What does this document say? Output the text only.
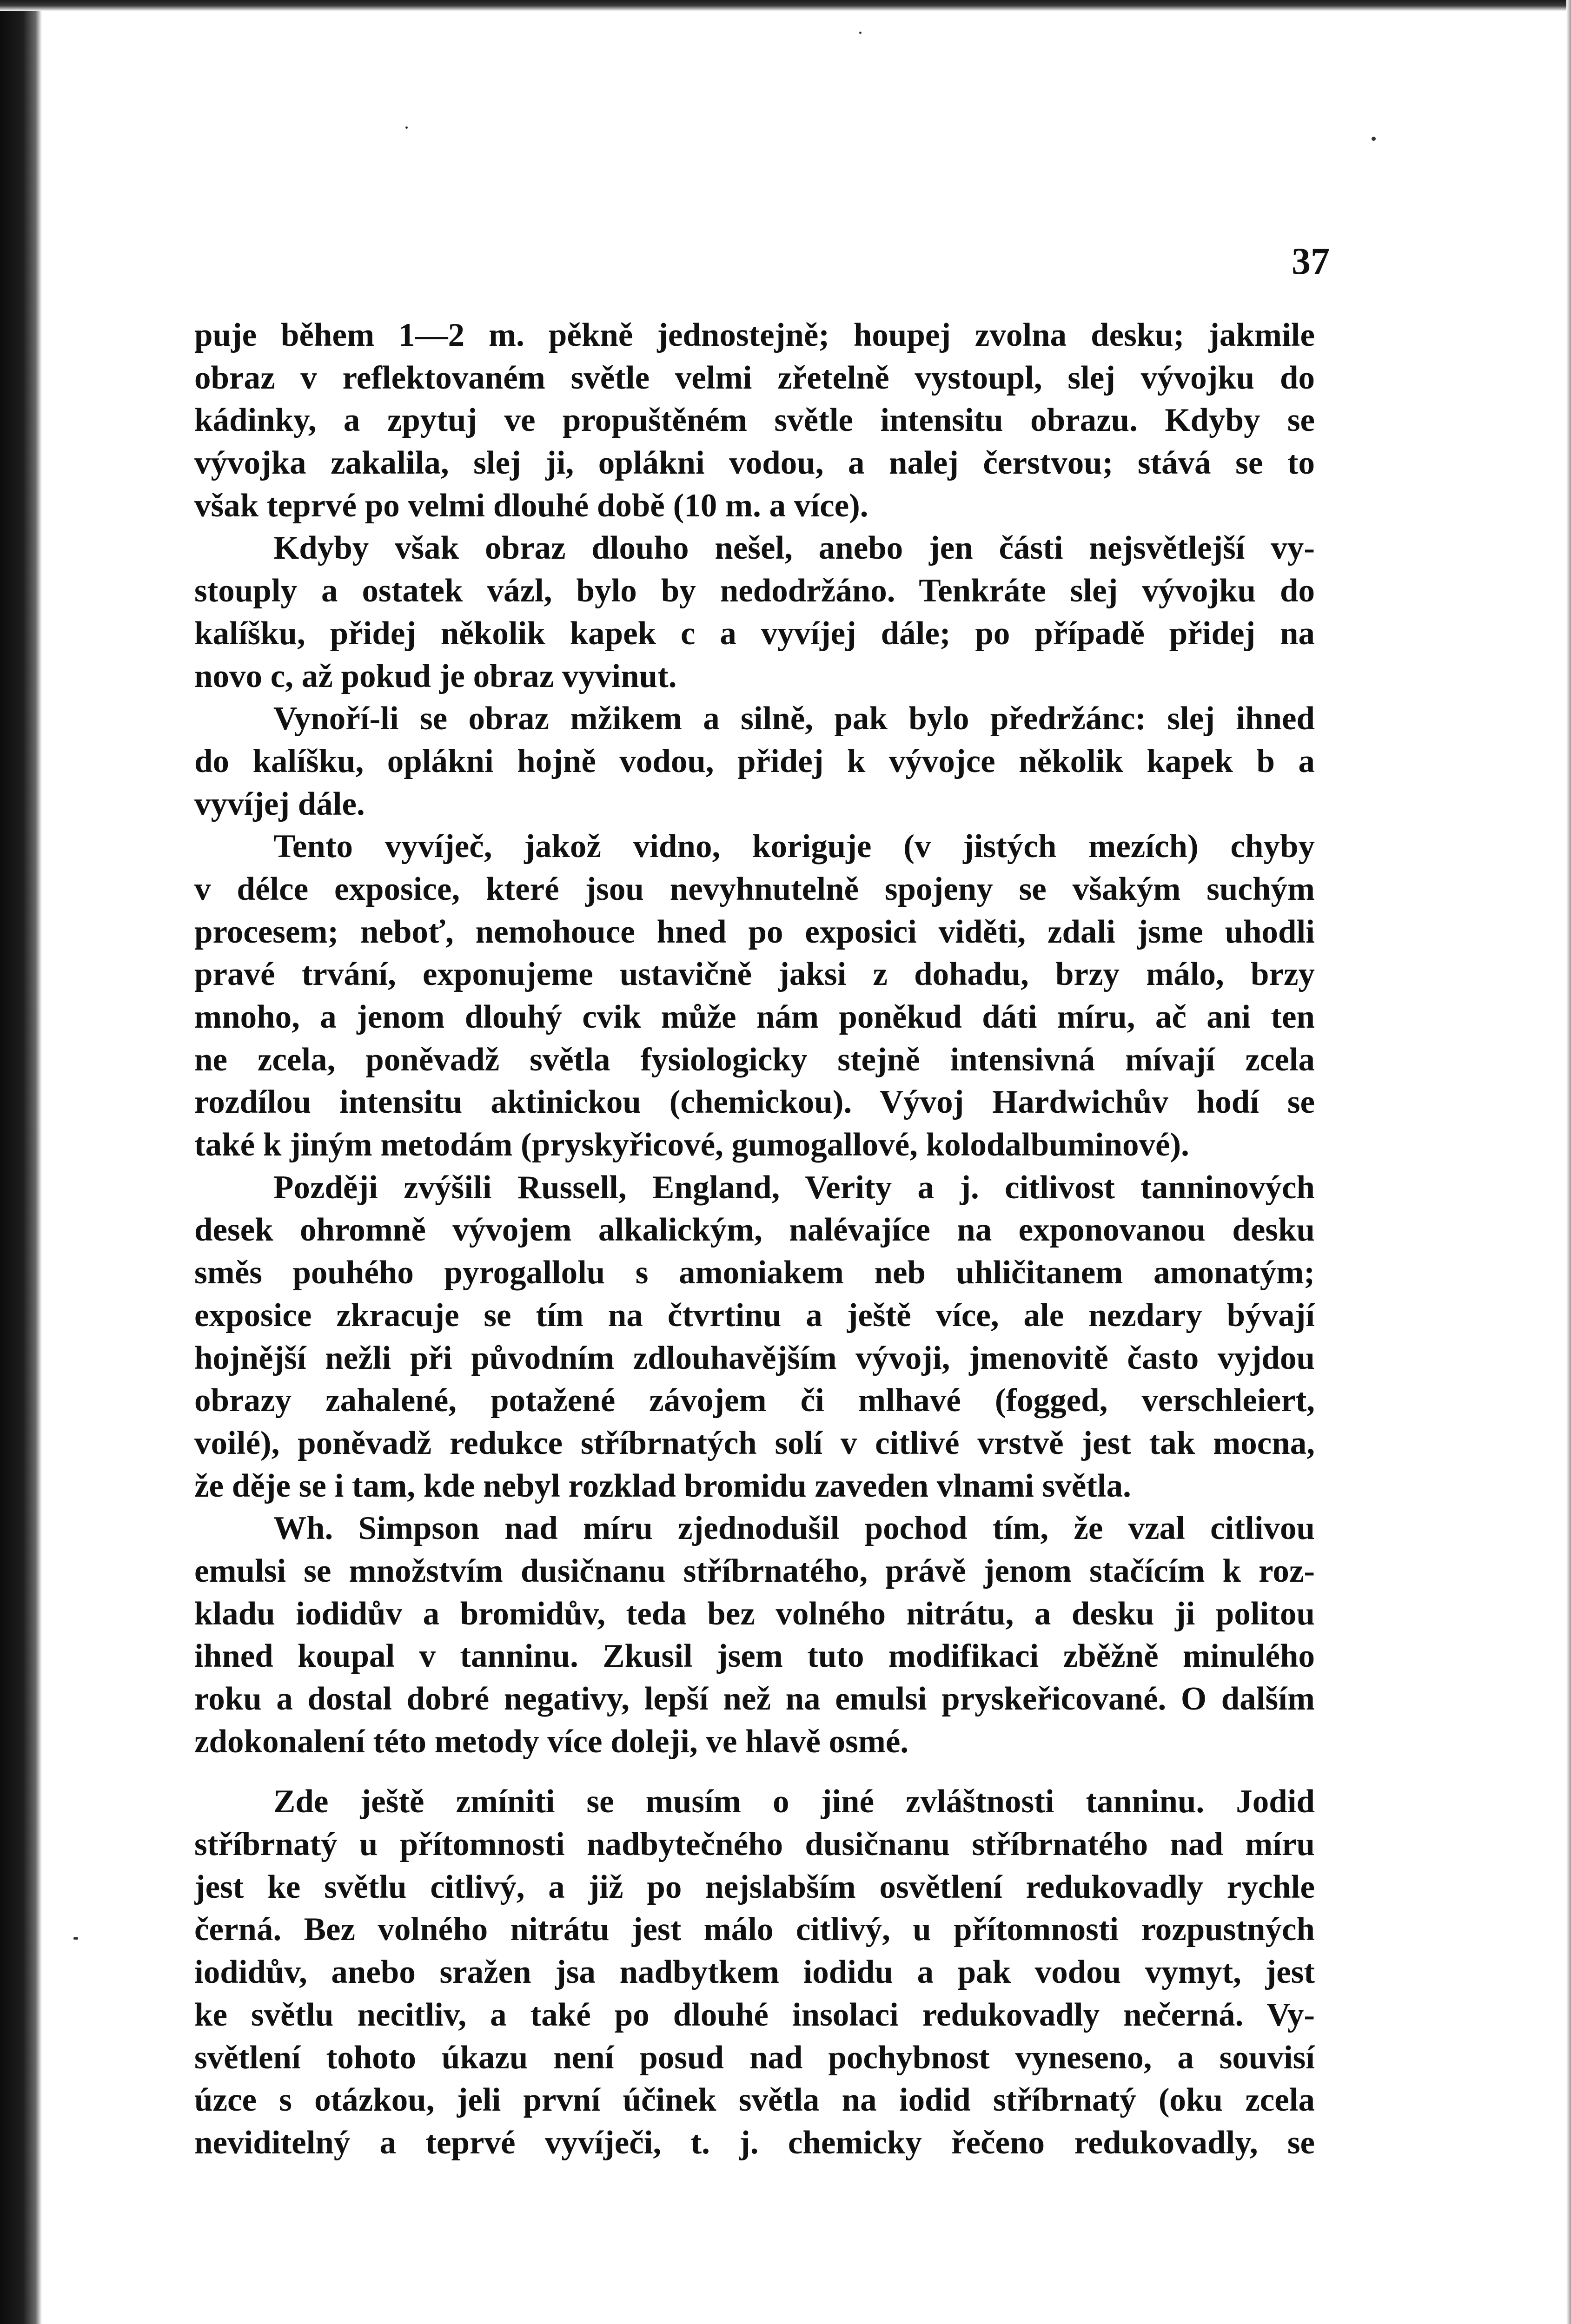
37
puje během 1—2 m. pěkně jednostejně; houpej zvolna desku; jakmile
obraz v reflektovaném světle velmi zřetelně vystoupl, slej vývojku do
kádinky, a zpytuj ve propuštěném světle intensitu obrazu. Kdyby se
vývojka zakalila, slej ji, oplákni vodou, a nalej čerstvou; stává se to
však teprvé po velmi dlouhé době (10 m. a více).
Kdyby však obraz dlouho nešel, anebo jen části nejsvětlejší vy-
stouply a ostatek vázl, bylo by nedodržáno. Tenkráte slej vývojku do
kalíšku, přidej několik kapek c a vyvíjej dále; po případě přidej na
novo c, až pokud je obraz vyvinut.
Vynoří-li se obraz mžikem a silně, pak bylo předržánc: slej ihned
do kalíšku, oplákni hojně vodou, přidej k vývojce několik kapek b a
vyvíjej dále.
Tento vyvíječ, jakož vidno, koriguje (v jistých mezích) chyby
v délce exposice, které jsou nevyhnutelně spojeny se všakým suchým
procesem; neboť, nemohouce hned po exposici viděti, zdali jsme uhodli
pravé trvání, exponujeme ustavičně jaksi z dohadu, brzy málo, brzy
mnoho, a jenom dlouhý cvik může nám poněkud dáti míru, ač ani ten
ne zcela, poněvadž světla fysiologicky stejně intensivná mívají zcela
rozdílou intensitu aktinickou (chemickou). Vývoj Hardwichův hodí se
také k jiným metodám (pryskyřicové, gumogallové, kolodalbuminové).
Později zvýšili Russell, England, Verity a j. citlivost tanninových
desek ohromně vývojem alkalickým, nalévajíce na exponovanou desku
směs pouhého pyrogallolu s amoniakem neb uhličitanem amonatým;
exposice zkracuje se tím na čtvrtinu a ještě více, ale nezdary bývají
hojnější nežli při původním zdlouhavějším vývoji, jmenovitě často vyjdou
obrazy zahalené, potažené závojem či mlhavé (fogged, verschleiert,
voilé), poněvadž redukce stříbrnatých solí v citlivé vrstvě jest tak mocna,
že děje se i tam, kde nebyl rozklad bromidu zaveden vlnami světla.
Wh. Simpson nad míru zjednodušil pochod tím, že vzal citlivou
emulsi se množstvím dusičnanu stříbrnatého, právě jenom stačícím k roz-
kladu iodidův a bromidův, teda bez volného nitrátu, a desku ji politou
ihned koupal v tanninu. Zkusil jsem tuto modifikaci zběžně minulého
roku a dostal dobré negativy, lepší než na emulsi pryskeřicované. O dalším
zdokonalení této metody více doleji, ve hlavě osmé.
Zde ještě zmíniti se musím o jiné zvláštnosti tanninu. Jodid
stříbrnatý u přítomnosti nadbytečného dusičnanu stříbrnatého nad míru
jest ke světlu citlivý, a již po nejslabším osvětlení redukovadly rychle
černá. Bez volného nitrátu jest málo citlivý, u přítomnosti rozpustných
iodidův, anebo sražen jsa nadbytkem iodidu a pak vodou vymyt, jest
ke světlu necitliv, a také po dlouhé insolaci redukovadly nečerná. Vy-
světlení tohoto úkazu není posud nad pochybnost vyneseno, a souvisí
úzce s otázkou, jeli první účinek světla na iodid stříbrnatý (oku zcela
neviditelný a teprvé vyvíječi, t. j. chemicky řečeno redukovadly, se
